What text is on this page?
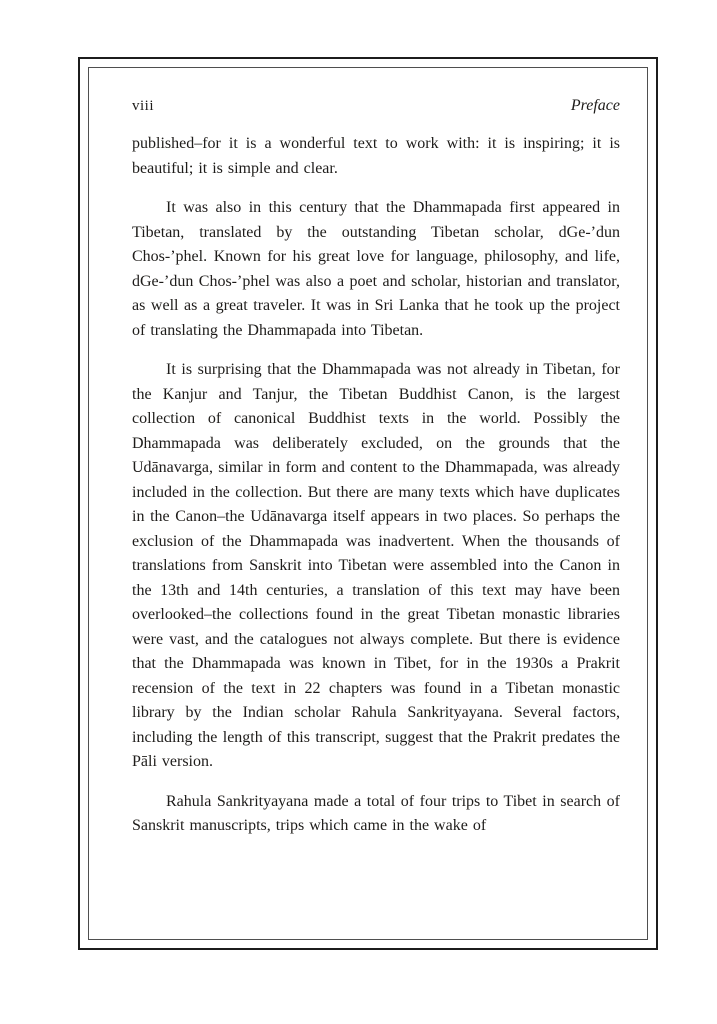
viii	Preface

published–for it is a wonderful text to work with: it is inspiring; it is beautiful; it is simple and clear.

It was also in this century that the Dhammapada first appeared in Tibetan, translated by the outstanding Tibetan scholar, dGe-’dun Chos-’phel. Known for his great love for language, philosophy, and life, dGe-’dun Chos-’phel was also a poet and scholar, historian and translator, as well as a great traveler. It was in Sri Lanka that he took up the project of translating the Dhammapada into Tibetan.

It is surprising that the Dhammapada was not already in Tibetan, for the Kanjur and Tanjur, the Tibetan Buddhist Canon, is the largest collection of canonical Buddhist texts in the world. Possibly the Dhammapada was deliberately excluded, on the grounds that the Udānavarga, similar in form and content to the Dhammapada, was already included in the collection. But there are many texts which have duplicates in the Canon–the Udānavarga itself appears in two places. So perhaps the exclusion of the Dhammapada was inadvertent. When the thousands of translations from Sanskrit into Tibetan were assembled into the Canon in the 13th and 14th centuries, a translation of this text may have been overlooked–the collections found in the great Tibetan monastic libraries were vast, and the catalogues not always complete. But there is evidence that the Dhammapada was known in Tibet, for in the 1930s a Prakrit recension of the text in 22 chapters was found in a Tibetan monastic library by the Indian scholar Rahula Sankrityayana. Several factors, including the length of this transcript, suggest that the Prakrit predates the Pāli version.

Rahula Sankrityayana made a total of four trips to Tibet in search of Sanskrit manuscripts, trips which came in the wake of
